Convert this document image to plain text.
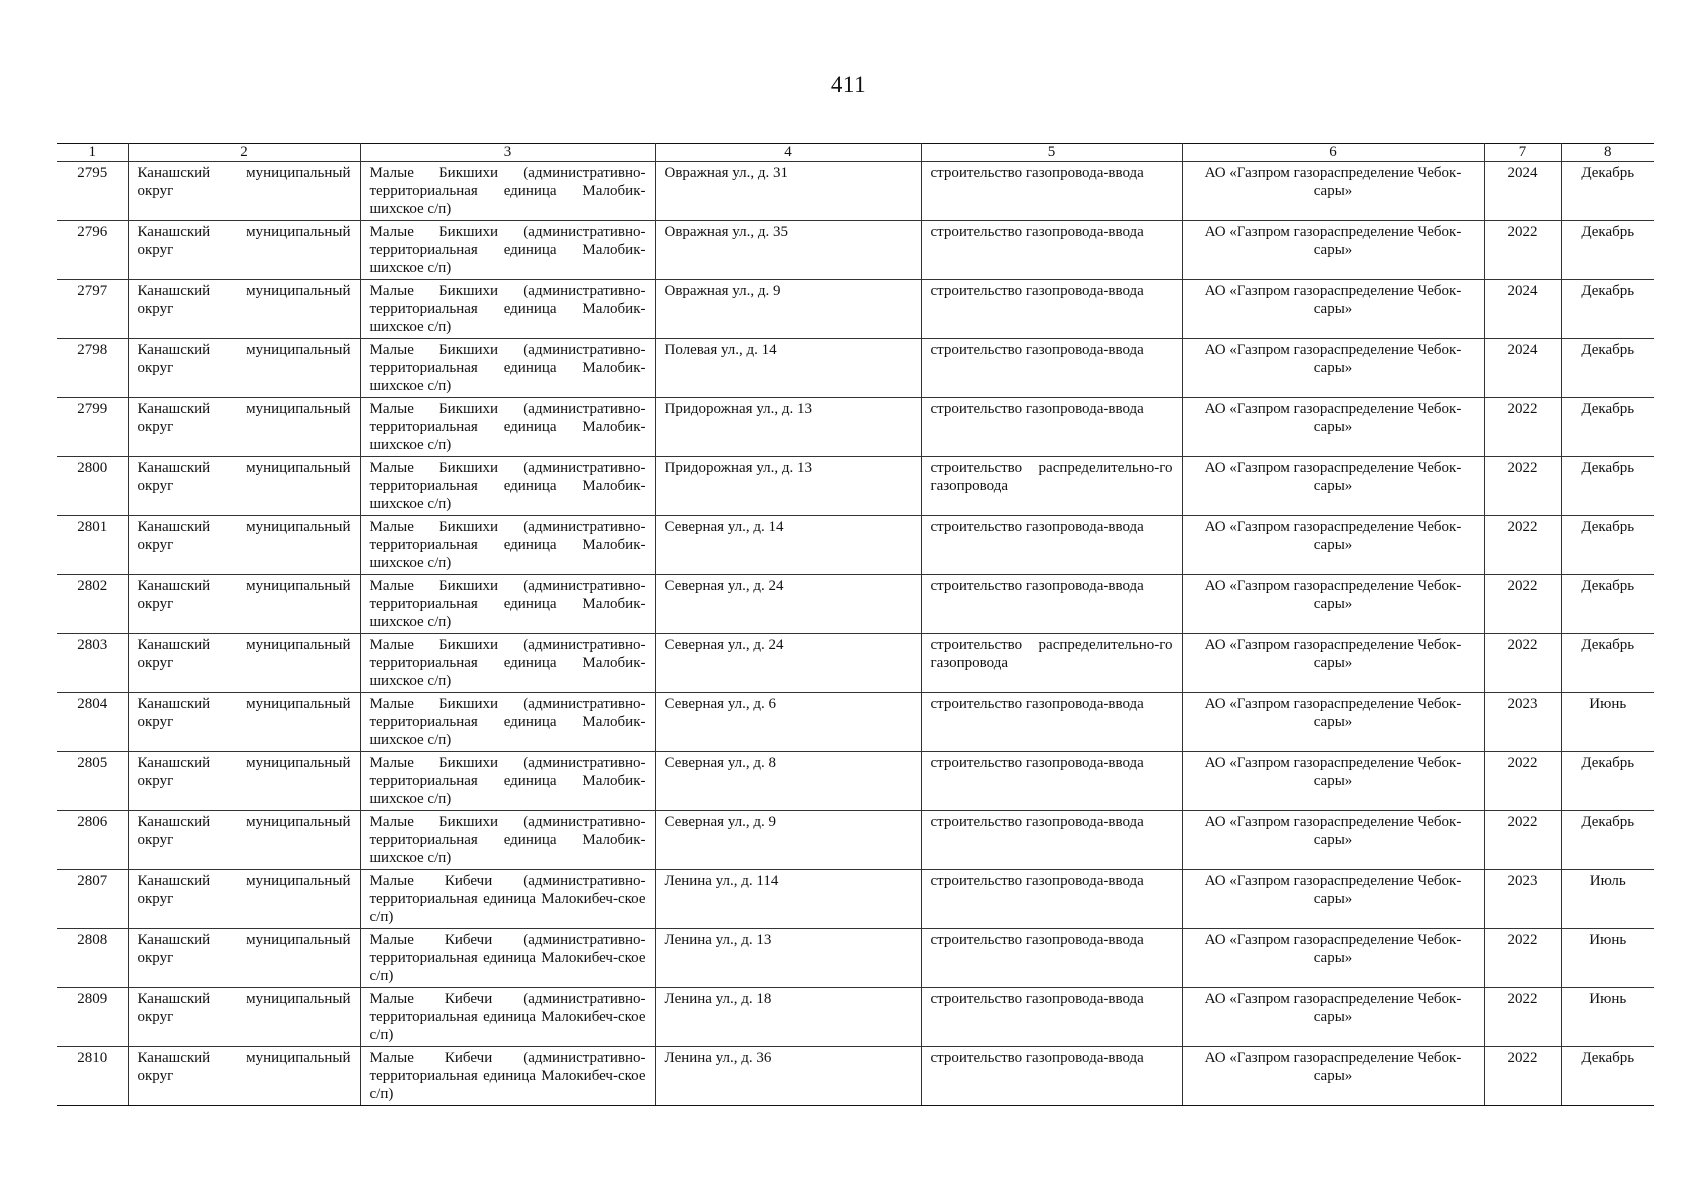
411
1	2	3	4	5	6	7	8
2795	Канашский муниципальный округ	Малые Бикшихи (административно-территориальная единица Малобик-шихское с/п)	Овражная ул., д. 31	строительство газопровода-ввода	АО «Газпром газораспределение Чебок-сары»	2024	Декабрь
2796	Канашский муниципальный округ	Малые Бикшихи (административно-территориальная единица Малобик-шихское с/п)	Овражная ул., д. 35	строительство газопровода-ввода	АО «Газпром газораспределение Чебок-сары»	2022	Декабрь
2797	Канашский муниципальный округ	Малые Бикшихи (административно-территориальная единица Малобик-шихское с/п)	Овражная ул., д. 9	строительство газопровода-ввода	АО «Газпром газораспределение Чебок-сары»	2024	Декабрь
2798	Канашский муниципальный округ	Малые Бикшихи (административно-территориальная единица Малобик-шихское с/п)	Полевая ул., д. 14	строительство газопровода-ввода	АО «Газпром газораспределение Чебок-сары»	2024	Декабрь
2799	Канашский муниципальный округ	Малые Бикшихи (административно-территориальная единица Малобик-шихское с/п)	Придорожная ул., д. 13	строительство газопровода-ввода	АО «Газпром газораспределение Чебок-сары»	2022	Декабрь
2800	Канашский муниципальный округ	Малые Бикшихи (административно-территориальная единица Малобик-шихское с/п)	Придорожная ул., д. 13	строительство распределительно-го газопровода	АО «Газпром газораспределение Чебок-сары»	2022	Декабрь
2801	Канашский муниципальный округ	Малые Бикшихи (административно-территориальная единица Малобик-шихское с/п)	Северная ул., д. 14	строительство газопровода-ввода	АО «Газпром газораспределение Чебок-сары»	2022	Декабрь
2802	Канашский муниципальный округ	Малые Бикшихи (административно-территориальная единица Малобик-шихское с/п)	Северная ул., д. 24	строительство газопровода-ввода	АО «Газпром газораспределение Чебок-сары»	2022	Декабрь
2803	Канашский муниципальный округ	Малые Бикшихи (административно-территориальная единица Малобик-шихское с/п)	Северная ул., д. 24	строительство распределительно-го газопровода	АО «Газпром газораспределение Чебок-сары»	2022	Декабрь
2804	Канашский муниципальный округ	Малые Бикшихи (административно-территориальная единица Малобик-шихское с/п)	Северная ул., д. 6	строительство газопровода-ввода	АО «Газпром газораспределение Чебок-сары»	2023	Июнь
2805	Канашский муниципальный округ	Малые Бикшихи (административно-территориальная единица Малобик-шихское с/п)	Северная ул., д. 8	строительство газопровода-ввода	АО «Газпром газораспределение Чебок-сары»	2022	Декабрь
2806	Канашский муниципальный округ	Малые Бикшихи (административно-территориальная единица Малобик-шихское с/п)	Северная ул., д. 9	строительство газопровода-ввода	АО «Газпром газораспределение Чебок-сары»	2022	Декабрь
2807	Канашский муниципальный округ	Малые Кибечи (административно-территориальная единица Малокибеч-ское с/п)	Ленина ул., д. 114	строительство газопровода-ввода	АО «Газпром газораспределение Чебок-сары»	2023	Июль
2808	Канашский муниципальный округ	Малые Кибечи (административно-территориальная единица Малокибеч-ское с/п)	Ленина ул., д. 13	строительство газопровода-ввода	АО «Газпром газораспределение Чебок-сары»	2022	Июнь
2809	Канашский муниципальный округ	Малые Кибечи (административно-территориальная единица Малокибеч-ское с/п)	Ленина ул., д. 18	строительство газопровода-ввода	АО «Газпром газораспределение Чебок-сары»	2022	Июнь
2810	Канашский муниципальный округ	Малые Кибечи (административно-территориальная единица Малокибеч-ское с/п)	Ленина ул., д. 36	строительство газопровода-ввода	АО «Газпром газораспределение Чебок-сары»	2022	Декабрь
